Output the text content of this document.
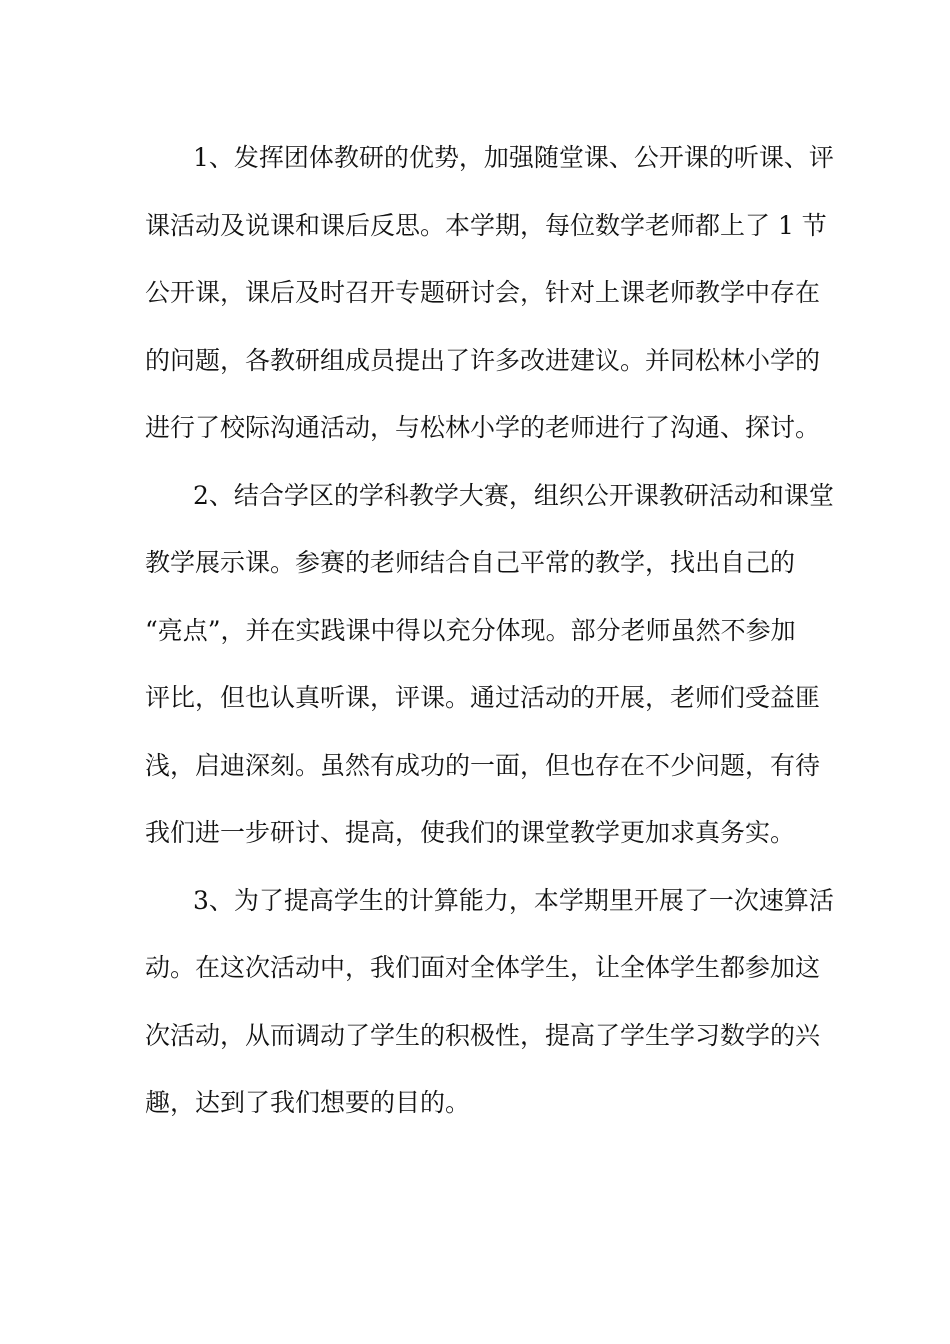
1、发挥团体教研的优势，加强随堂课、公开课的听课、评
课活动及说课和课后反思。本学期，每位数学老师都上了 1 节
公开课，课后及时召开专题研讨会，针对上课老师教学中存在
的问题，各教研组成员提出了许多改进建议。并同松林小学的
进行了校际沟通活动，与松林小学的老师进行了沟通、探讨。
2、结合学区的学科教学大赛，组织公开课教研活动和课堂
教学展示课。参赛的老师结合自己平常的教学，找出自己的
“亮点”，并在实践课中得以充分体现。部分老师虽然不参加
评比，但也认真听课，评课。通过活动的开展，老师们受益匪
浅，启迪深刻。虽然有成功的一面，但也存在不少问题，有待
我们进一步研讨、提高，使我们的课堂教学更加求真务实。
3、为了提高学生的计算能力，本学期里开展了一次速算活
动。在这次活动中，我们面对全体学生，让全体学生都参加这
次活动，从而调动了学生的积极性，提高了学生学习数学的兴
趣，达到了我们想要的目的。
